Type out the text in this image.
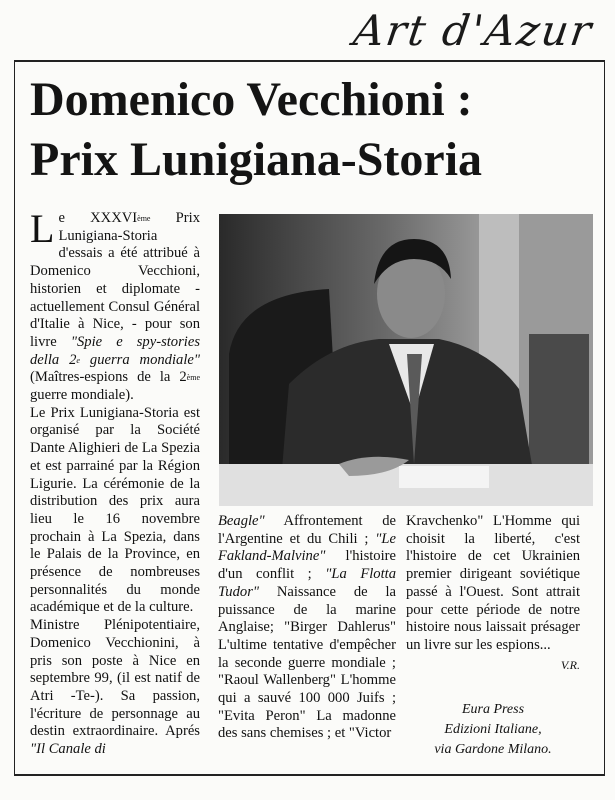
Art d'Azur
Domenico Vecchioni :
Prix Lunigiana-Storia

Le XXXVIème Prix Lunigiana-Storia d'essais a été attribué à Domenico Vecchioni, historien et diplomate -actuellement Consul Général d'Italie à Nice, - pour son livre "Spie e spy-stories della 2e guerra mondiale" (Maîtres-espions de la 2ème guerre mondiale).

Le Prix Lunigiana-Storia est organisé par la Société Dante Alighieri de La Spezia et est parrainé par la Région Ligurie. La cérémonie de la distribution des prix aura lieu le 16 novembre prochain à La Spezia, dans le Palais de la Province, en présence de nombreuses personnalités du monde académique et de la culture.

Ministre Plénipotentiaire, Domenico Vecchionini, à pris son poste à Nice en septembre 99, (il est natif de Atri -Te-). Sa passion, l'écriture de personnage au destin extraordinaire. Aprés "Il Canale di

Beagle" Affrontement de l'Argentine et du Chili ; "Le Fakland-Malvine" l'histoire d'un conflit ; "La Flotta Tudor" Naissance de la puissance de la marine Anglaise; "Birger Dahlerus" L'ultime tentative d'empêcher la seconde guerre mondiale ; "Raoul Wallenberg" L'homme qui a sauvé 100 000 Juifs ; "Evita Peron" La madonne des sans chemises ; et "Victor

Kravchenko" L'Homme qui choisit la liberté, c'est l'histoire de cet Ukrainien premier dirigeant soviétique passé à l'Ouest. Sont attrait pour cette période de notre histoire nous laissait présager un livre sur les espions...

V.R.
Eura Press
Edizioni Italiane,
via Gardone Milano.
